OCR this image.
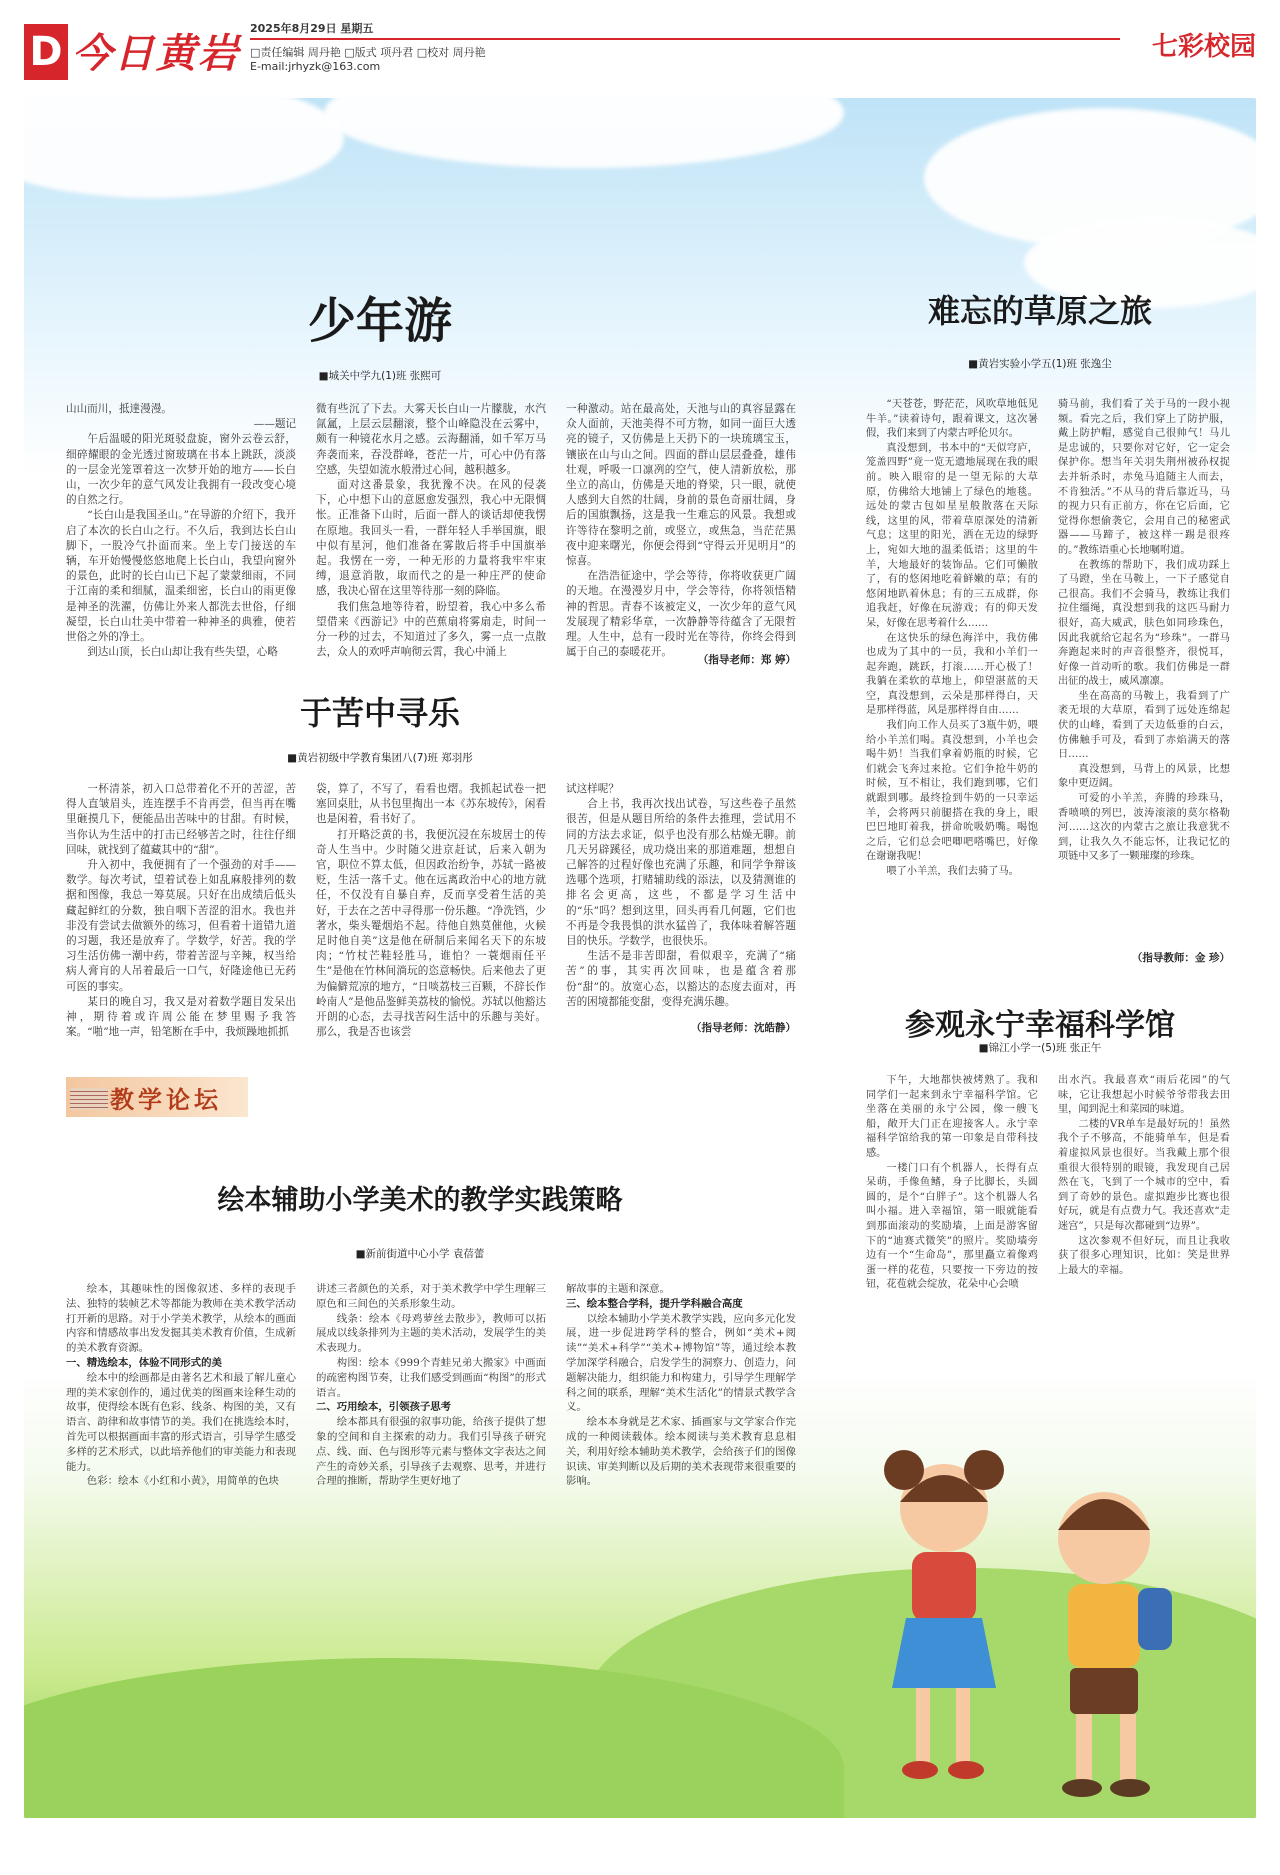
D 今日黄岩
2025年8月29日 星期五
□责任编辑 周丹艳 □版式 项丹君 □校对 周丹艳
E-mail:jrhyzk@163.com
七彩校园
少年游
■城关中学九(1)班 张熙可

山山而川，抵達漫漫。

——题记

午后温暖的阳光斑驳盘旋，窗外云卷云舒，细碎耀眼的金光透过窗玻璃在书本上跳跃，淡淡的一层金光笼罩着这一次梦开始的地方——长白山，一次少年的意气风发让我拥有一段改变心境的自然之行。

“长白山是我国圣山。”在导游的介绍下，我开启了本次的长白山之行。不久后，我到达长白山脚下，一股冷气扑面而来。坐上专门接送的车辆，车开始慢慢悠悠地爬上长白山，我望向窗外的景色，此时的长白山已下起了蒙蒙细雨，不同于江南的柔和细腻，温柔细密，长白山的雨更像是神圣的洗濯，仿佛让外来人都洗去世俗，仔细凝望，长白山壮美中带着一种神圣的典雅，使若世俗之外的净土。

到达山顶，长白山却让我有些失望，心略

微有些沉了下去。大雾天长白山一片朦胧，水汽氤氲，上层云层翻滚，整个山峰隐没在云雾中，颇有一种镜花水月之感。云海翻涌，如千军万马奔袭而来，吞没群峰，苍茫一片，可心中仍有落空感，失望如流水般滑过心间，越积越多。

面对这番景象，我犹豫不决。在风的侵袭下，心中想下山的意愿愈发强烈，我心中无限惆怅。正准备下山时，后面一群人的谈话却使我愣在原地。我回头一看，一群年轻人手举国旗，眼中似有星河，他们准备在雾散后将手中国旗举起。我愣在一旁，一种无形的力量将我牢牢束缚，退意消散，取而代之的是一种庄严的使命感，我决心留在这里等待那一刻的降临。

我们焦急地等待着，盼望着，我心中多么希望借来《西游记》中的芭蕉扇将雾扇走，时间一分一秒的过去，不知道过了多久，雾一点一点散去，众人的欢呼声响彻云霄，我心中涌上

一种激动。站在最高处，天池与山的真容显露在众人面前，天池美得不可方物，如同一面巨大透亮的镜子，又仿佛是上天扔下的一块琉璃宝玉，镶嵌在山与山之间。四面的群山层层叠叠，雄伟壮观，呼吸一口凛冽的空气，使人清新放松，那坐立的高山，仿佛是天地的脊梁，只一眼，就使人感到大自然的壮阔，身前的景色奇丽壮阔，身后的国旗飘扬，这是我一生难忘的风景。我想或许等待在黎明之前，或竖立，或焦急，当茫茫黑夜中迎来曙光，你便会得到“守得云开见明月”的惊喜。

在浩浩征途中，学会等待，你将收获更广阔的天地。在漫漫岁月中，学会等待，你将领悟精神的哲思。青春不该被定义，一次少年的意气风发展现了精彩华章，一次静静等待蕴含了无限哲理。人生中，总有一段时光在等待，你终会得到属于自己的泰暖花开。

（指导老师：郑 婷）
于苦中寻乐
■黄岩初级中学教育集团八(7)班 郑羽彤

一杯清茶，初入口总带着化不开的苦涩，苦得人直皱眉头，连连摆手不肯再尝，但当再在嘴里砸摸几下，便能品出苦味中的甘甜。有时候，当你认为生活中的打击已经够苦之时，往往仔细回味，就找到了蕴藏其中的“甜”。

升入初中，我便拥有了一个强劲的对手——数学。每次考试，望着试卷上如乱麻般排列的数据和图像，我总一筹莫展。只好在出成绩后低头藏起鲜红的分数，独自咽下苦涩的泪水。我也并非没有尝试去做额外的练习，但看着十道错九道的习题，我还是放弃了。学数学，好苦。我的学习生活仿佛一潮中药，带着苦涩与辛辣，权当给病人膏肓的人吊着最后一口气，好隆途他已无药可医的事实。

某日的晚自习，我又是对着数学题目发呆出神，期待着或许周公能在梦里赐予我答案。“啪”地一声，铅笔断在手中，我烦躁地抓抓

袋，算了，不写了，看看也熠。我抓起试卷一把塞回桌肚，从书包里掏出一本《苏东坡传》，闲看也是闲着，看书好了。

打开略泛黄的书，我便沉浸在东坡居士的传奇人生当中。少时随父进京赶试，后来入朝为官，职位不算太低，但因政治纷争，苏轼一路被贬，生活一落千丈。他在远离政治中心的地方就任，不仅没有自暴自弃，反而享受着生活的美好，于去在之苦中寻得那一份乐趣。“净洗铛，少著水，柴头罨烟焰不起。待他自熟莫催他，火候足时他自美”这是他在研制后来闻名天下的东坡肉；“竹杖芒鞋轻胜马，谁怕？一蓑烟雨任平生”是他在竹林间淌玩的恣意畅快。后来他去了更为偏僻荒凉的地方，“日啖荔枝三百颗，不辞长作岭南人”是他品鉴鲜美荔枝的愉悦。苏轼以他豁达开朗的心态，去寻找苦闷生活中的乐趣与美好。那么，我是否也该尝

试这样呢？

合上书，我再次找出试卷，写这些卷子虽然很苦，但是从题目所给的条件去推理，尝试用不同的方法去求证，似乎也没有那么枯燥无聊。前几天另辟蹊径，成功烧出来的那道难题，想想自己解答的过程好像也充满了乐趣，和同学争辩该选哪个选项，打赌辅助线的添法，以及猜测谁的排名会更高，这些，不都是学习生活中的“乐”吗？想到这里，回头再看几何题，它们也不再是令我畏惧的洪水猛兽了，我体味着解答题目的快乐。学数学，也很快乐。

生活不是非苦即甜，看似艰辛，充满了“痛苦”的事，其实再次回味，也是蕴含着那份“甜”的。放宽心态，以豁达的态度去面对，再苦的困境都能变甜，变得充满乐趣。

（指导老师：沈皓静）
难忘的草原之旅
■黄岩实验小学五(1)班 张逸尘

“天苍苍，野茫茫，风吹草地低见牛羊。”读着诗句，跟着课文，这次暑假，我们来到了内蒙古呼伦贝尔。

真没想到，书本中的“天似穹庐，笼盖四野”竟一览无遗地展现在我的眼前。映入眼帘的是一望无际的大草原，仿佛给大地铺上了绿色的地毯。远处的蒙古包如星星般散落在天际线，这里的风，带着草原深处的清新气息；这里的阳光，洒在无边的绿野上，宛如大地的温柔低语；这里的牛羊，大地最好的装饰品。它们可懒散了，有的悠闲地吃着鲜嫩的草；有的悠闲地趴着休息；有的三五成群，你追我赶，好像在玩游戏；有的仰天发呆，好像在思考着什么……

在这快乐的绿色海洋中，我仿佛也成为了其中的一员，我和小羊们一起奔跑，跳跃，打滚……开心极了！我躺在柔软的草地上，仰望湛蓝的天空，真没想到，云朵是那样得白，天是那样得蓝，风是那样得自由……

我们向工作人员买了3瓶牛奶，喂给小羊羔们喝。真没想到，小羊也会喝牛奶！当我们拿着奶瓶的时候，它们就会飞奔过来抢。它们争抢牛奶的时候，互不相让，我们跑到哪，它们就跟到哪。最终捡到牛奶的一只幸运羊，会将两只前腿搭在我的身上，眼巴巴地盯着我，拼命吮吸奶嘴。喝饱之后，它们总会吧唧吧嗒嘴巴，好像在谢谢我呢！

喂了小羊羔，我们去骑了马。

骑马前，我们看了关于马的一段小视频。看完之后，我们穿上了防护服，戴上防护帽，感觉自己很帅气！马儿是忠诚的，只要你对它好，它一定会保护你。想当年关羽失荆州被孙权捉去并斩杀时，赤兔马追随主人而去，不肯独活。”不从马的背后靠近马，马的视力只有正前方，你在它后面，它觉得你想偷袭它，会用自己的秘密武器——马蹄子，被这样一踢是很疼的。”教练语重心长地嘱咐道。

在教练的帮助下，我们成功踩上了马蹬，坐在马鞍上，一下子感觉自己很高。我们不会骑马，教练让我们拉住缰绳，真没想到我的这匹马耐力很好，高大威武，肤色如同珍珠色，因此我就给它起名为“珍珠”。一群马奔跑起来时的声音很整齐，很悦耳，好像一首动听的歌。我们仿佛是一群出征的战士，威风凛凛。

坐在高高的马鞍上，我看到了广袤无垠的大草原，看到了远处连绵起伏的山峰，看到了天边低垂的白云，仿佛触手可及，看到了赤焰满天的落日……

真没想到，马背上的风景，比想象中更迈阔。

可爱的小羊羔，奔腾的珍珠马，香喷喷的列巴，波涛滚滚的莫尔格勒河……这次的内蒙古之旅让我意犹不到，让我久久不能忘怀，让我记忆的项链中又多了一颗璀璨的珍珠。

（指导教师：金 珍）
参观永宁幸福科学馆
■锦江小学一(5)班 张正午

下午，大地都快被烤熟了。我和同学们一起来到永宁幸福科学馆。它坐落在美丽的永宁公园，像一艘飞船，敞开大门正在迎接客人。永宁幸福科学馆给我的第一印象是自带科技感。

一楼门口有个机器人，长得有点呆萌，手像鱼鳍，身子比脚长，头圆圆的，是个“白胖子”。这个机器人名叫小福。进入幸福馆，第一眼就能看到那面滚动的奖励墙，上面是游客留下的“迪赛式微笑”的照片。奖励墙旁边有一个“生命岛”，那里矗立着像鸡蛋一样的花苞，只要按一下旁边的按钮，花苞就会绽放，花朵中心会喷

出水汽。我最喜欢“雨后花园”的气味，它让我想起小时候爷爷带我去田里，闻到泥土和菜园的味道。

二楼的VR单车是最好玩的！虽然我个子不够高，不能骑单车，但是看着虚拟风景也很好。当我戴上那个很重很大很特别的眼镜，我发现自己居然在飞，飞到了一个城市的空中，看到了奇妙的景色。虚拟跑步比赛也很好玩，就是有点费力气。我还喜欢“走迷宫”，只是每次都碰到“边界”。

这次参观不但好玩，而且让我收获了很多心理知识，比如：笑是世界上最大的幸福。

教学论坛
绘本辅助小学美术的教学实践策略
■新前街道中心小学 袁蓓蕾

绘本，其趣味性的图像叙述、多样的表现手法、独特的装帧艺术等都能为教师在美术教学活动打开新的思路。对于小学美术教学，从绘本的画面内容和情感故事出发发掘其美术教育价值，生成新的美术教育资源。

一、精选绘本，体验不同形式的美

绘本中的绘画都是由著名艺术和最了解儿童心理的美术家创作的，通过优美的图画来诠释生动的故事，使得绘本既有色彩、线条、构图的美，又有语言、韵律和故事情节的美。我们在挑选绘本时，首先可以根据画面丰富的形式语言，引导学生感受多样的艺术形式，以此培养他们的审美能力和表现能力。

色彩：绘本《小红和小黄》，用简单的色块

讲述三者颜色的关系，对于美术教学中学生理解三原色和三间色的关系形象生动。

线条：绘本《母鸡萝丝去散步》，教师可以拓展成以线条排列为主题的美术活动，发展学生的美术表现力。

构图：绘本《999个青蛙兄弟大搬家》中画面的疏密构图节奏，让我们感受到画面“构图”的形式语言。

二、巧用绘本，引领孩子思考

绘本都具有很强的叙事功能，给孩子提供了想象的空间和自主探索的动力。我们引导孩子研究点、线、面、色与图形等元素与整体文字表达之间产生的奇妙关系，引导孩子去观察、思考，并进行合理的推断，帮助学生更好地了

解故事的主题和深意。

三、绘本整合学科，提升学科融合高度

以绘本辅助小学美术教学实践，应向多元化发展，进一步促进跨学科的整合，例如“美术+阅读”“美术+科学”“美术+博物馆”等，通过绘本教学加深学科融合，启发学生的洞察力、创造力，问题解决能力，组织能力和构建力，引导学生理解学科之间的联系，理解“美术生活化”的情景式教学含义。

绘本本身就是艺术家、插画家与文学家合作完成的一种阅读载体。绘本阅读与美术教育息息相关，利用好绘本辅助美术教学，会给孩子们的图像识读、审美判断以及后期的美术表现带来很重要的影响。
